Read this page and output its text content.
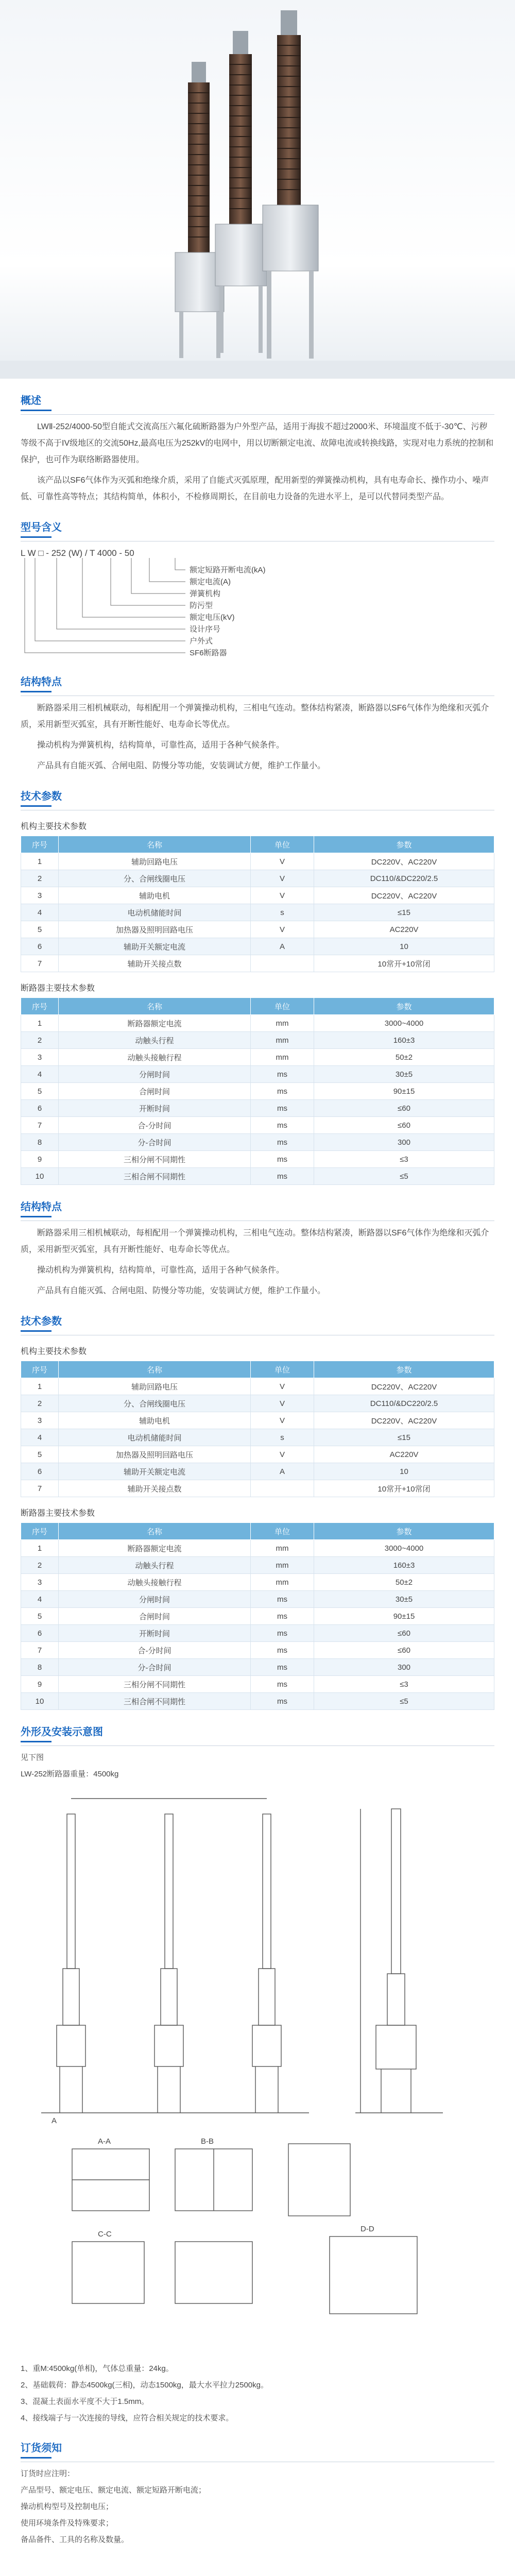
概述

LWⅡ-252/4000-50型自能式交流高压六氟化硫断路器为户外型产品，适用于海拔不超过2000米、环境温度不低于-30℃、污秽等级不高于IV级地区的交流50Hz,最高电压为252kV的电网中，用以切断额定电流、故障电流或转换线路，实现对电力系统的控制和保护，也可作为联络断路器使用。

该产品以SF6气体作为灭弧和绝缘介质，采用了自能式灭弧原理，配用新型的弹簧操动机构，具有电寿命长、操作功小、噪声低、可靠性高等特点；其结构简单，体积小，不检修周期长，在目前电力设备的先进水平上，是可以代替同类型产品。

型号含义
L W □ - 252 (W) / T 4000 - 50
额定短路开断电流(kA)
额定电流(A)
弹簧机构
防污型
额定电压(kV)
设计序号
户外式
SF6断路器
结构特点

断路器采用三相机械联动，每相配用一个弹簧操动机构，三相电气连动。整体结构紧凑，断路器以SF6气体作为绝缘和灭弧介质，采用新型灭弧室，具有开断性能好、电寿命长等优点。

操动机构为弹簧机构，结构简单，可靠性高，适用于各种气候条件。

产品具有自能灭弧、合闸电阻、防慢分等功能，安装调试方便，维护工作量小。

技术参数
机构主要技术参数
序号	名称	单位	参数
1	辅助回路电压	V	DC220V、AC220V
2	分、合闸线圈电压	V	DC110/&DC220/2.5
3	辅助电机	V	DC220V、AC220V
4	电动机储能时间	s	≤15
5	加热器及照明回路电压	V	AC220V
6	辅助开关额定电流	A	10
7	辅助开关接点数		10常开+10常闭
断路器主要技术参数
序号	名称	单位	参数
1	断路器额定电流	mm	3000~4000
2	动触头行程	mm	160±3
3	动触头接触行程	mm	50±2
4	分闸时间	ms	30±5
5	合闸时间	ms	90±15
6	开断时间	ms	≤60
7	合-分时间	ms	≤60
8	分-合时间	ms	300
9	三相分闸不同期性	ms	≤3
10	三相合闸不同期性	ms	≤5
结构特点

断路器采用三相机械联动，每相配用一个弹簧操动机构，三相电气连动。整体结构紧凑，断路器以SF6气体作为绝缘和灭弧介质，采用新型灭弧室，具有开断性能好、电寿命长等优点。

操动机构为弹簧机构，结构简单，可靠性高，适用于各种气候条件。

产品具有自能灭弧、合闸电阻、防慢分等功能，安装调试方便，维护工作量小。

技术参数
机构主要技术参数
序号	名称	单位	参数
1	辅助回路电压	V	DC220V、AC220V
2	分、合闸线圈电压	V	DC110/&DC220/2.5
3	辅助电机	V	DC220V、AC220V
4	电动机储能时间	s	≤15
5	加热器及照明回路电压	V	AC220V
6	辅助开关额定电流	A	10
7	辅助开关接点数		10常开+10常闭
断路器主要技术参数
序号	名称	单位	参数
1	断路器额定电流	mm	3000~4000
2	动触头行程	mm	160±3
3	动触头接触行程	mm	50±2
4	分闸时间	ms	30±5
5	合闸时间	ms	90±15
6	开断时间	ms	≤60
7	合-分时间	ms	≤60
8	分-合时间	ms	300
9	三相分闸不同期性	ms	≤3
10	三相合闸不同期性	ms	≤5
外形及安装示意图
见下图
LW-252断路器重量：4500kg
A
A-A	B-B
C-C
D-D
1、重M:4500kg(单相)，气体总重量：24kg。
2、基础载荷：静态4500kg(三相)，动态1500kg，最大水平拉力2500kg。
3、混凝土表面水平度不大于1.5mm。
4、接线端子与一次连接的导线，应符合相关规定的技术要求。
订货须知
订货时应注明：
产品型号、额定电压、额定电流、额定短路开断电流；
操动机构型号及控制电压；
使用环境条件及特殊要求；
备品备件、工具的名称及数量。
